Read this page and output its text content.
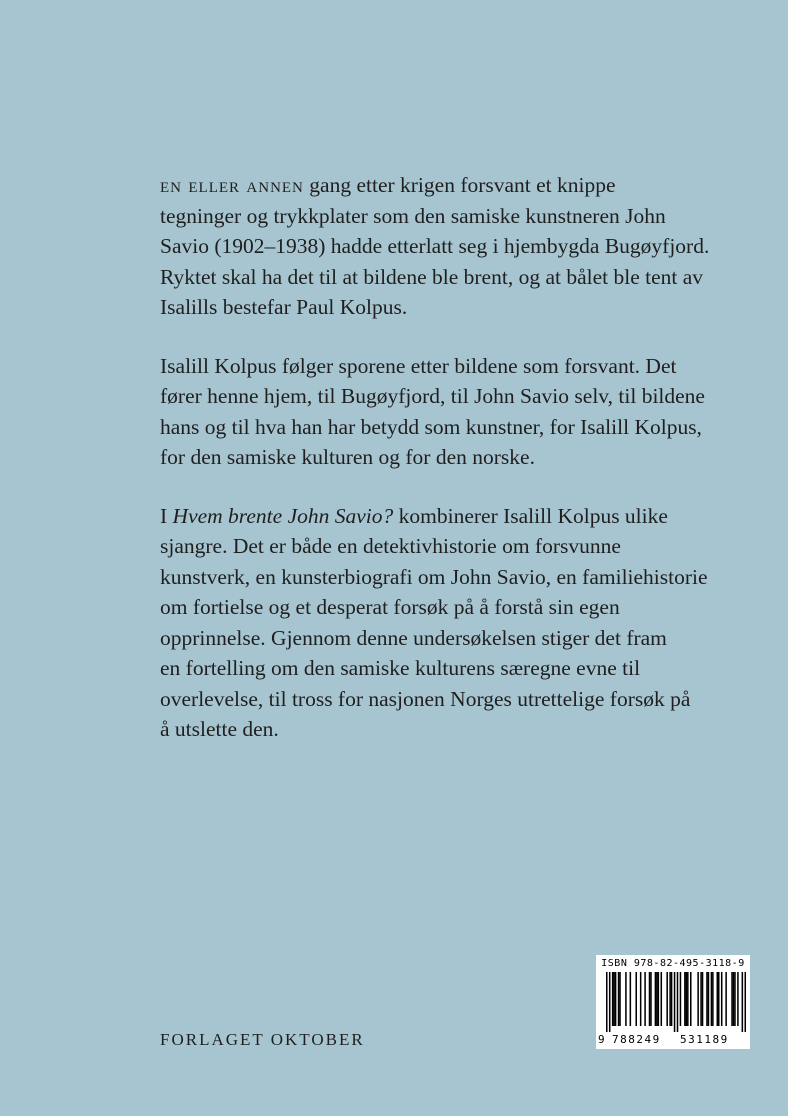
en eller annen gang etter krigen forsvant et knippe
tegninger og trykkplater som den samiske kunstneren John
Savio (1902–1938) hadde etterlatt seg i hjembygda Bugøyfjord.
Ryktet skal ha det til at bildene ble brent, og at bålet ble tent av
Isalills bestefar Paul Kolpus.

Isalill Kolpus følger sporene etter bildene som forsvant. Det
fører henne hjem, til Bugøyfjord, til John Savio selv, til bildene
hans og til hva han har betydd som kunstner, for Isalill Kolpus,
for den samiske kulturen og for den norske.

I Hvem brente John Savio? kombinerer Isalill Kolpus ulike
sjangre. Det er både en detektivhistorie om forsvunne
kunstverk, en kunsterbiografi om John Savio, en familiehistorie
om fortielse og et desperat forsøk på å forstå sin egen
opprinnelse. Gjennom denne undersøkelsen stiger det fram
en fortelling om den samiske kulturens særegne evne til
overlevelse, til tross for nasjonen Norges utrettelige forsøk på
å utslette den.

FORLAGET OKTOBER
ISBN 978-82-495-3118-9
9 788249 531189
